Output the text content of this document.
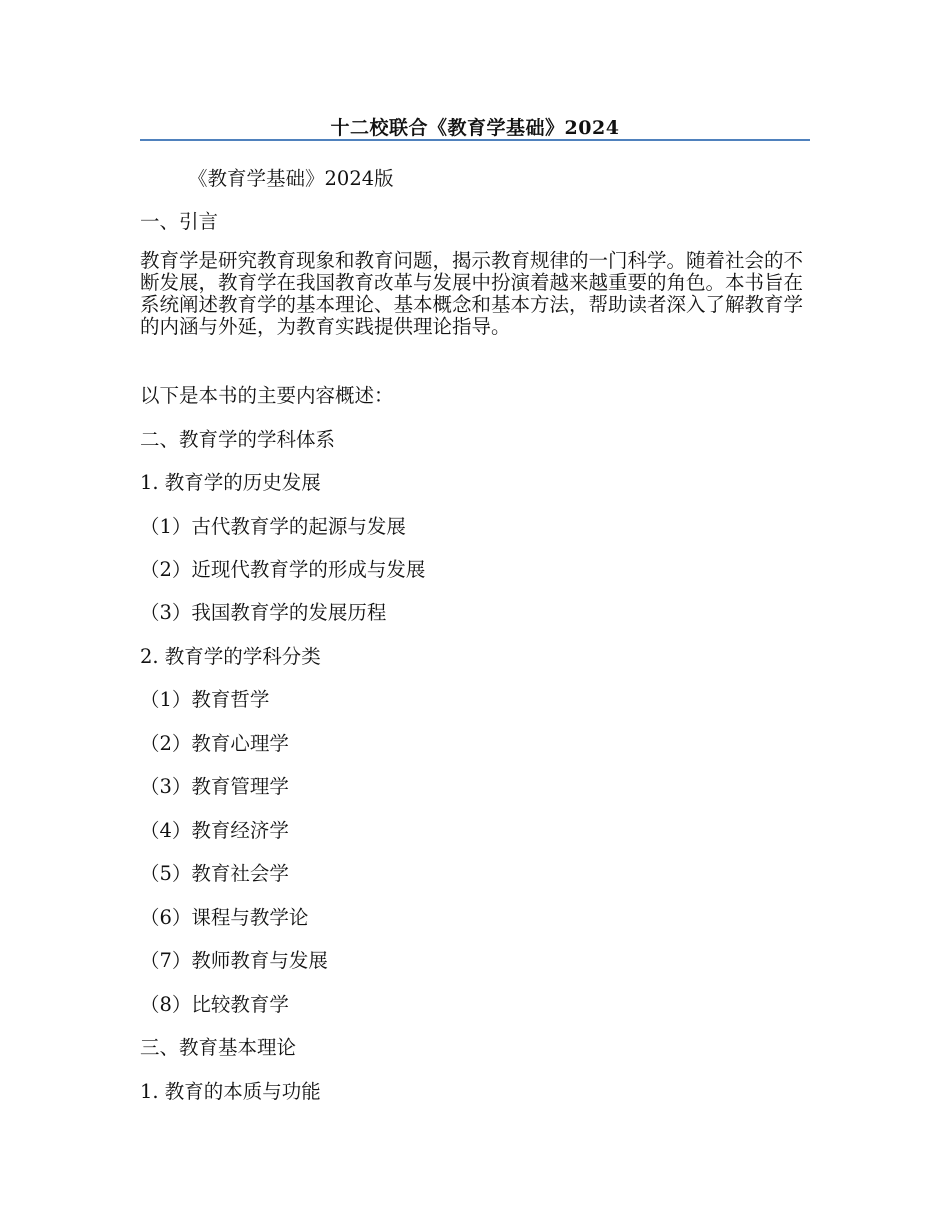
十二校联合《教育学基础》2024
《教育学基础》2024版
一、引言
教育学是研究教育现象和教育问题，揭示教育规律的一门科学。随着社会的不断发展，教育学在我国教育改革与发展中扮演着越来越重要的角色。本书旨在系统阐述教育学的基本理论、基本概念和基本方法，帮助读者深入了解教育学的内涵与外延，为教育实践提供理论指导。
以下是本书的主要内容概述：
二、教育学的学科体系
1. 教育学的历史发展
（1）古代教育学的起源与发展
（2）近现代教育学的形成与发展
（3）我国教育学的发展历程
2. 教育学的学科分类
（1）教育哲学
（2）教育心理学
（3）教育管理学
（4）教育经济学
（5）教育社会学
（6）课程与教学论
（7）教师教育与发展
（8）比较教育学
三、教育基本理论
1. 教育的本质与功能
